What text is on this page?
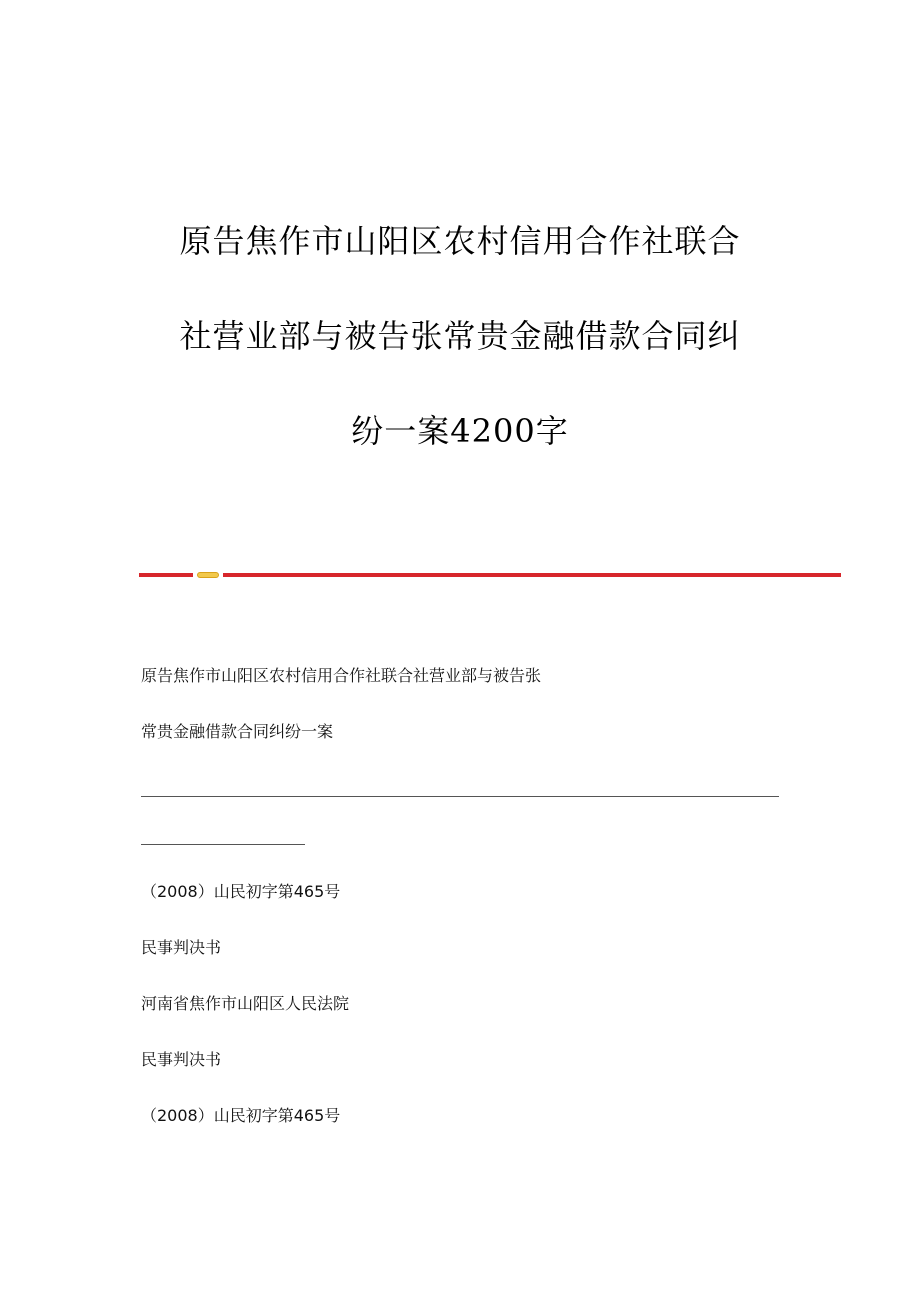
原告焦作市山阳区农村信用合作社联合
社营业部与被告张常贵金融借款合同纠
纷一案4200字
原告焦作市山阳区农村信用合作社联合社营业部与被告张
常贵金融借款合同纠纷一案
（2008）山民初字第465号
民事判决书
河南省焦作市山阳区人民法院
民事判决书
（2008）山民初字第465号
